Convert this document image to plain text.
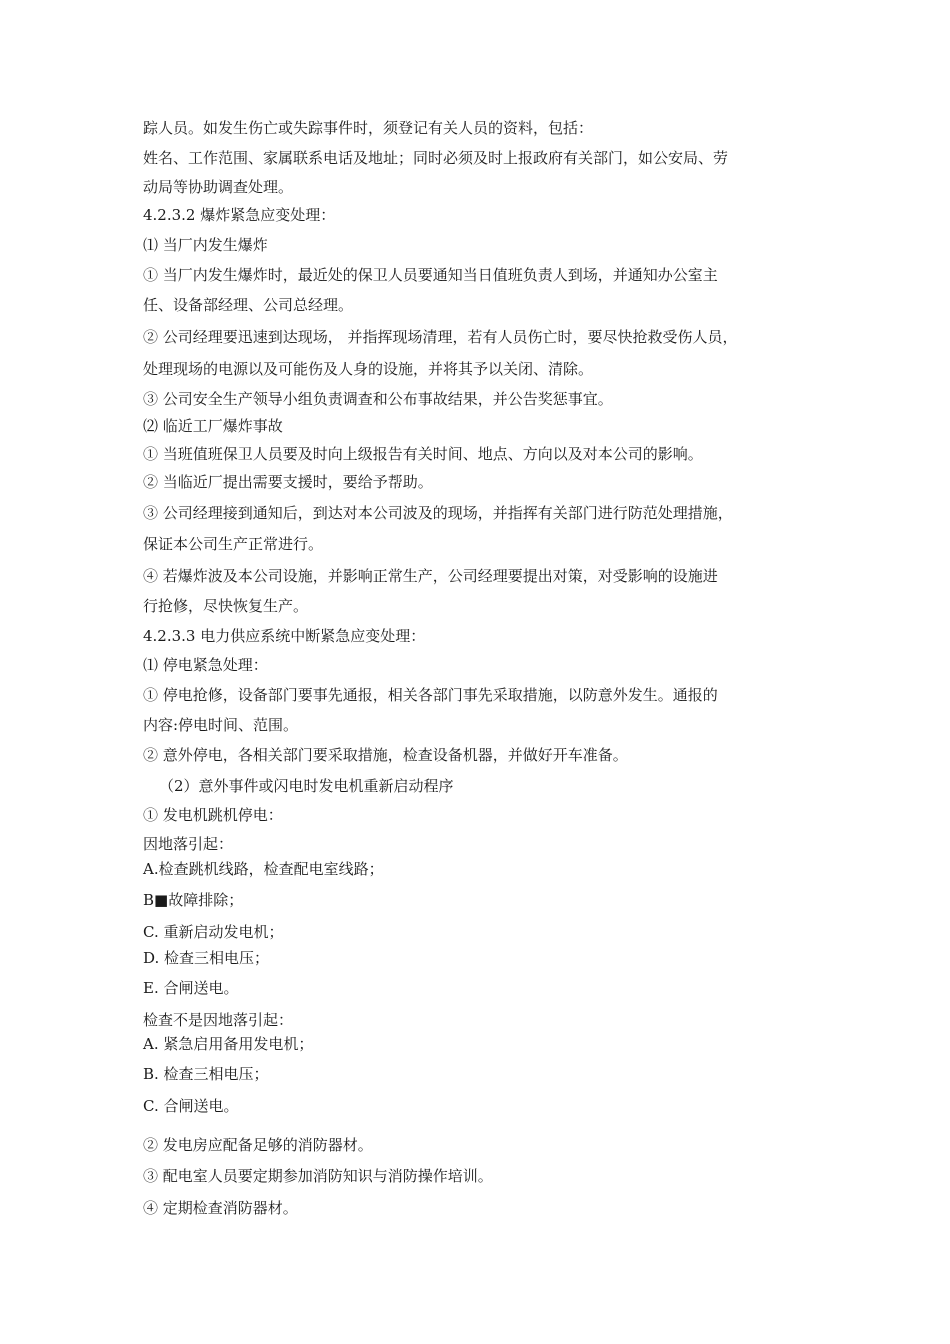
踪人员。如发生伤亡或失踪事件时，须登记有关人员的资料，包括：
姓名、工作范围、家属联系电话及地址；同时必须及时上报政府有关部门，如公安局、劳
动局等协助调查处理。
4.2.3.2 爆炸紧急应变处理：
⑴ 当厂内发生爆炸
① 当厂内发生爆炸时，最近处的保卫人员要通知当日值班负责人到场，并通知办公室主
任、设备部经理、公司总经理。
② 公司经理要迅速到达现场， 并指挥现场清理，若有人员伤亡时，要尽快抢救受伤人员，
处理现场的电源以及可能伤及人身的设施，并将其予以关闭、清除。
③ 公司安全生产领导小组负责调查和公布事故结果，并公告奖惩事宜。
⑵ 临近工厂爆炸事故
① 当班值班保卫人员要及时向上级报告有关时间、地点、方向以及对本公司的影响。
② 当临近厂提出需要支援时，要给予帮助。
③ 公司经理接到通知后，到达对本公司波及的现场，并指挥有关部门进行防范处理措施，
保证本公司生产正常进行。
④ 若爆炸波及本公司设施，并影响正常生产，公司经理要提出对策，对受影响的设施进
行抢修，尽快恢复生产。
4.2.3.3 电力供应系统中断紧急应变处理：
⑴ 停电紧急处理：
① 停电抢修，设备部门要事先通报，相关各部门事先采取措施，以防意外发生。通报的
内容:停电时间、范围。
② 意外停电，各相关部门要采取措施，检查设备机器，并做好开车准备。
（2）意外事件或闪电时发电机重新启动程序
① 发电机跳机停电：
因地落引起：
A.检查跳机线路，检查配电室线路；
B■故障排除；
C. 重新启动发电机；
D. 检查三相电压；
E. 合闸送电。
检查不是因地落引起：
A. 紧急启用备用发电机；
B. 检查三相电压；
C. 合闸送电。
② 发电房应配备足够的消防器材。
③ 配电室人员要定期参加消防知识与消防操作培训。
④ 定期检查消防器材。
